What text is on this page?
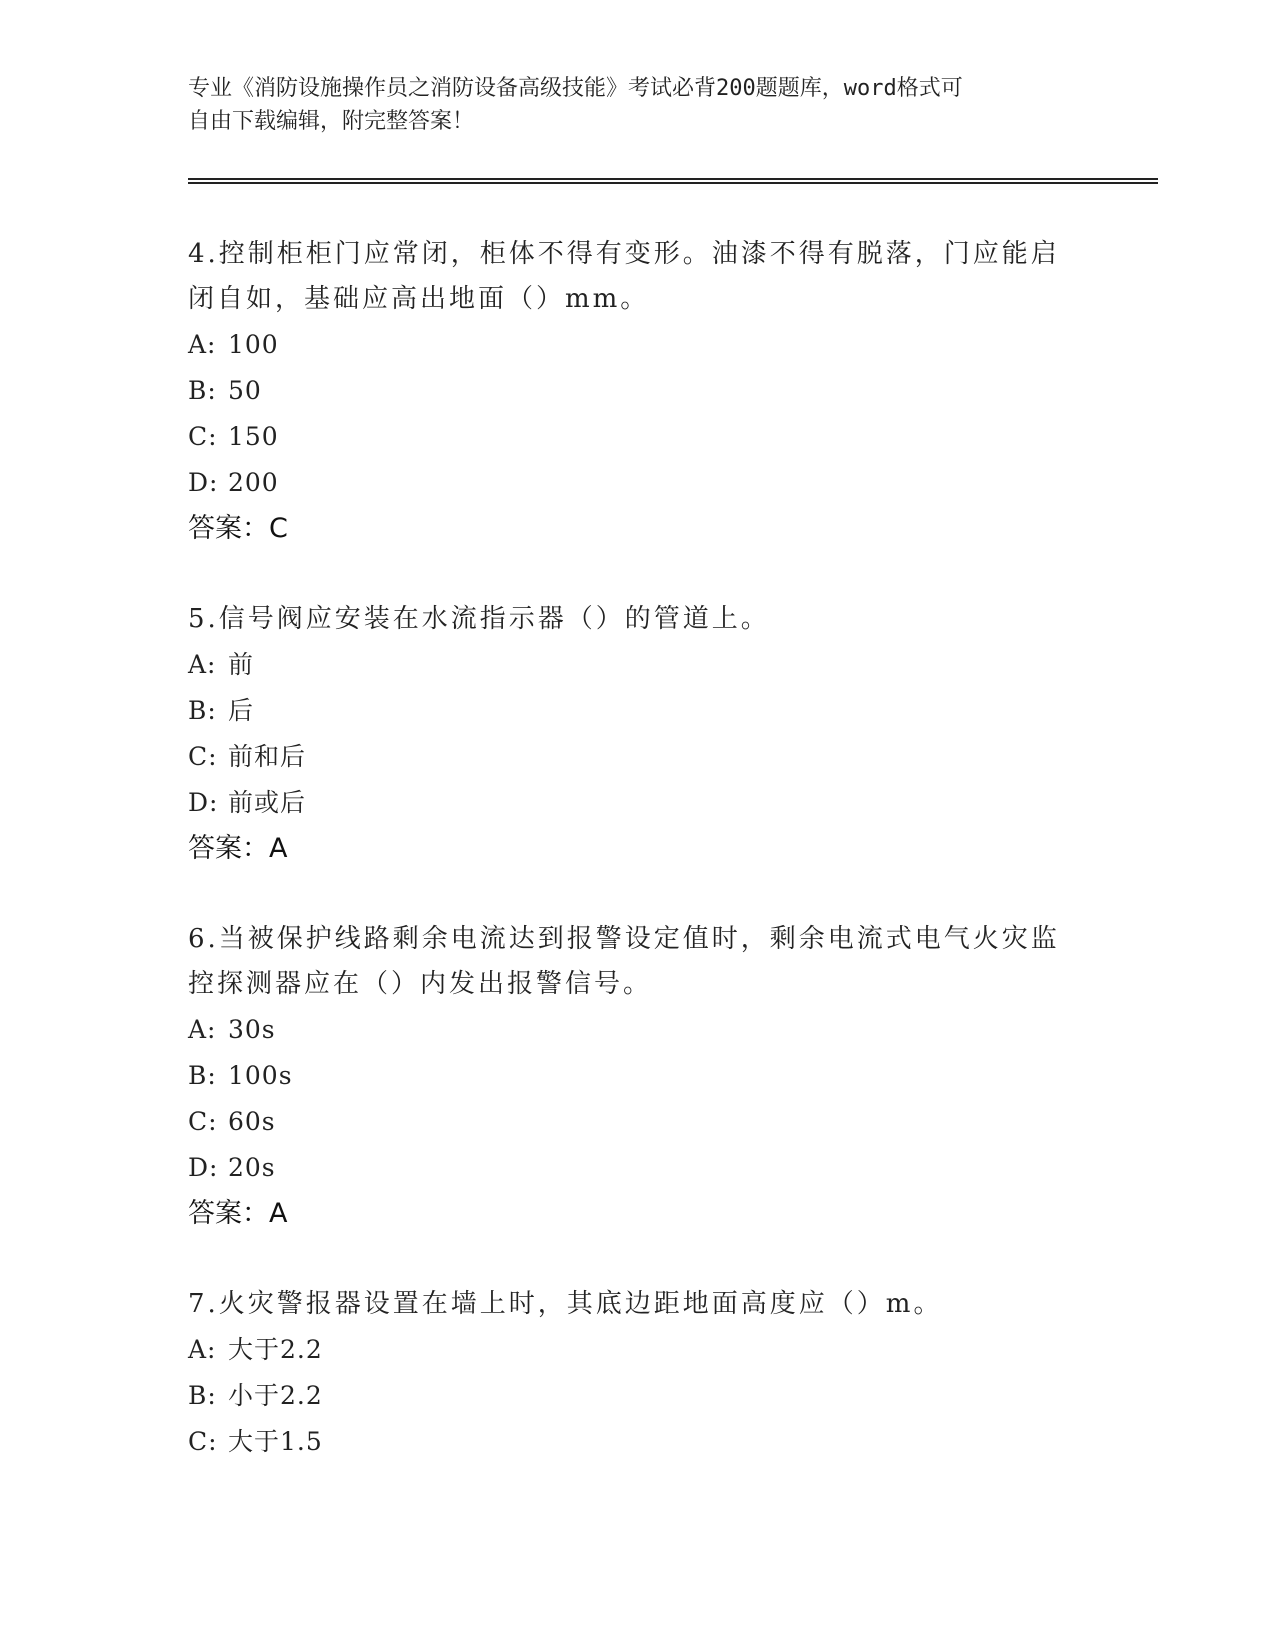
专业《消防设施操作员之消防设备高级技能》考试必背200题题库，word格式可
自由下载编辑，附完整答案！
4.控制柜柜门应常闭，柜体不得有变形。油漆不得有脱落，门应能启
闭自如，基础应高出地面（）mm。
A: 100
B: 50
C: 150
D: 200
答案：C
5.信号阀应安装在水流指示器（）的管道上。
A: 前
B: 后
C: 前和后
D: 前或后
答案：A
6.当被保护线路剩余电流达到报警设定值时，剩余电流式电气火灾监
控探测器应在（）内发出报警信号。
A: 30s
B: 100s
C: 60s
D: 20s
答案：A
7.火灾警报器设置在墙上时，其底边距地面高度应（）m。
A: 大于2.2
B: 小于2.2
C: 大于1.5
